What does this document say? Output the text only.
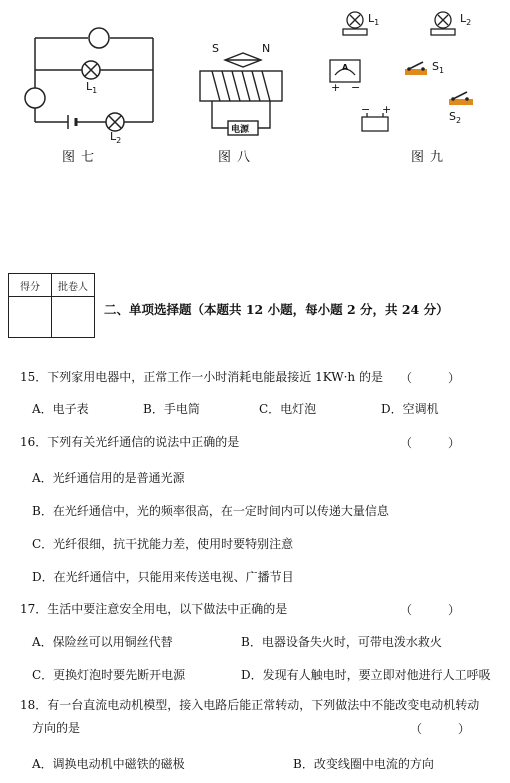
$L_1$
$L_2$
图七
S	N
电源
图八
$L_1$	$L_2$
A
+ −
$S_1$
$S_2$
− +
图九
得分	批卷人

二、单项选择题（本题共 12 小题，每小题 2 分，共 24 分）
15．下列家用电器中，正常工作一小时消耗电能最接近 1KW·h 的是 （　　　）
A．电子表	B．手电筒	C．电灯泡	D．空调机
16．下列有关光纤通信的说法中正确的是	（　　　）
A．光纤通信用的是普通光源
B．在光纤通信中，光的频率很高，在一定时间内可以传递大量信息
C．光纤很细，抗干扰能力差，使用时要特别注意
D．在光纤通信中，只能用来传送电视、广播节目
17．生活中要注意安全用电，以下做法中正确的是	（　　　）
A．保险丝可以用铜丝代替	B．电器设备失火时，可带电泼水救火
C．更换灯泡时要先断开电源	D．发现有人触电时，要立即对他进行人工呼吸
18．有一台直流电动机模型，接入电路后能正常转动，下列做法中不能改变电动机转动
方向的是	（　　　）
A．调换电动机中磁铁的磁极	B．改变线圈中电流的方向
